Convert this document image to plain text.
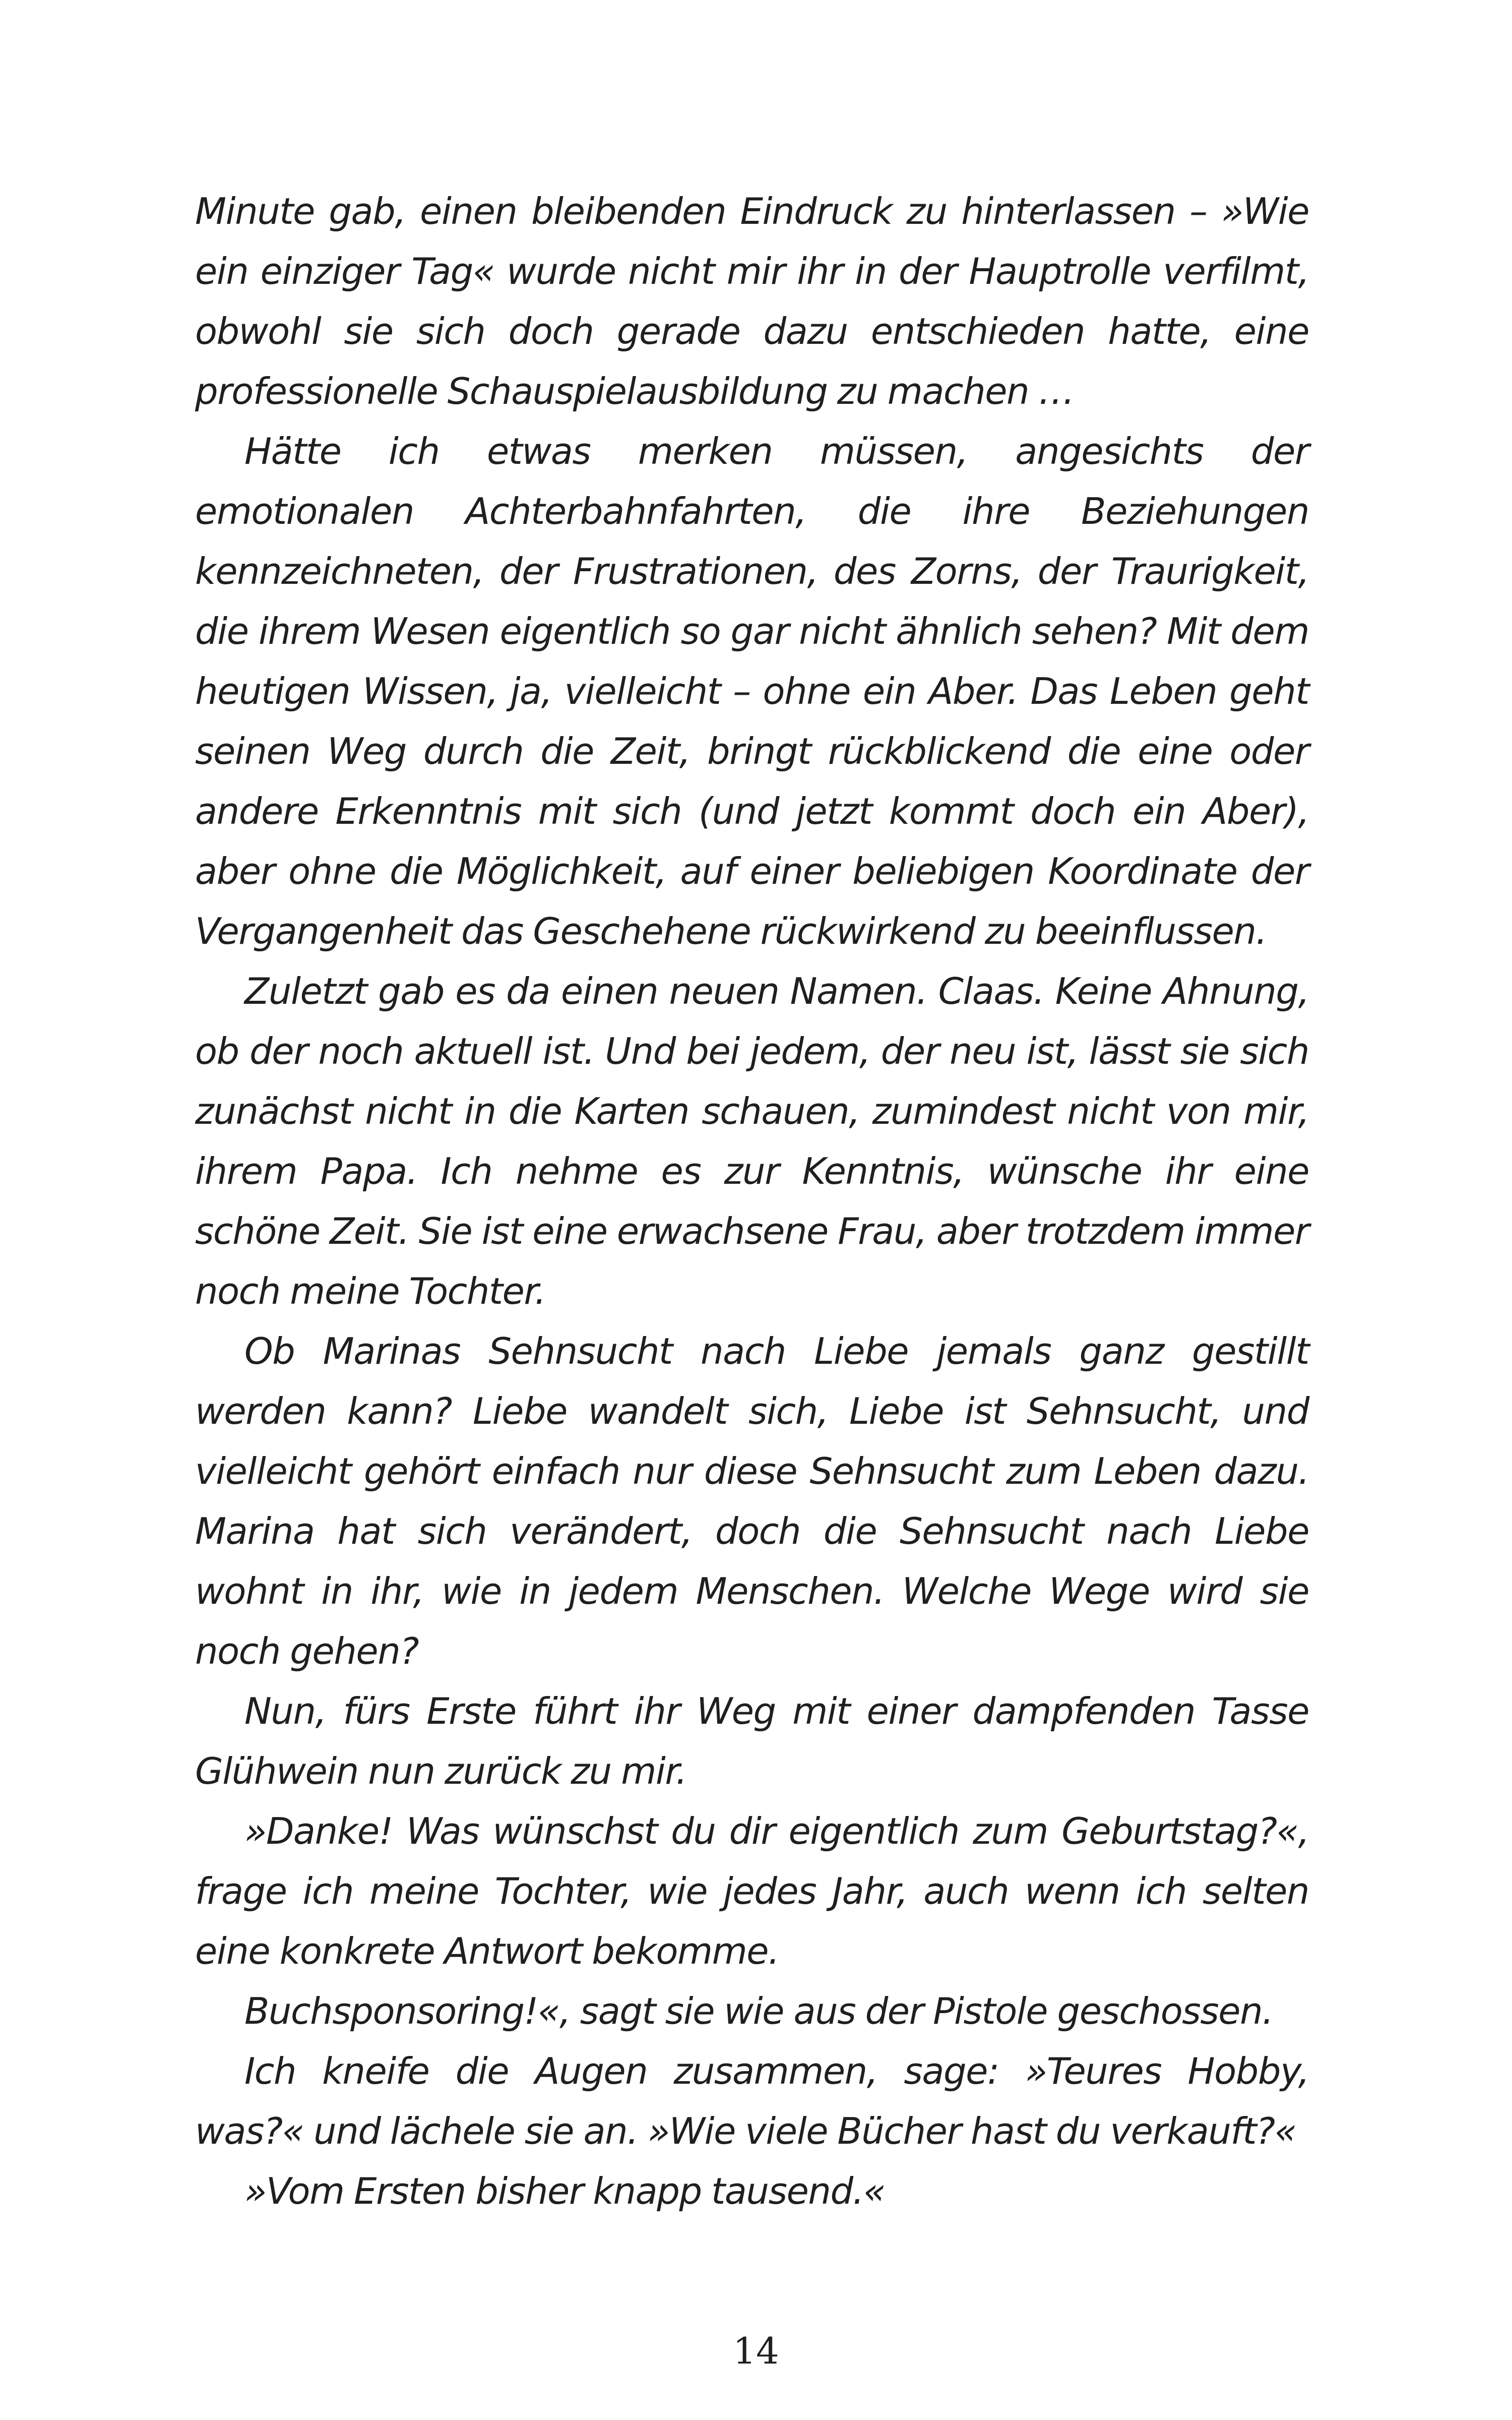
Minute gab, einen bleibenden Eindruck zu hinterlassen – »Wie ein einziger Tag« wurde nicht mir ihr in der Hauptrolle verfilmt, obwohl sie sich doch gerade dazu entschieden hatte, eine professionelle Schauspielausbildung zu machen …

Hätte ich etwas merken müssen, angesichts der emotionalen Achterbahnfahrten, die ihre Beziehungen kennzeichneten, der Frustrationen, des Zorns, der Traurigkeit, die ihrem Wesen eigentlich so gar nicht ähnlich sehen? Mit dem heutigen Wissen, ja, vielleicht – ohne ein Aber. Das Leben geht seinen Weg durch die Zeit, bringt rückblickend die eine oder andere Erkenntnis mit sich (und jetzt kommt doch ein Aber), aber ohne die Möglichkeit, auf einer beliebigen Koordinate der Vergangenheit das Geschehene rückwirkend zu beeinflussen.

Zuletzt gab es da einen neuen Namen. Claas. Keine Ahnung, ob der noch aktuell ist. Und bei jedem, der neu ist, lässt sie sich zunächst nicht in die Karten schauen, zumindest nicht von mir, ihrem Papa. Ich nehme es zur Kenntnis, wünsche ihr eine schöne Zeit. Sie ist eine erwachsene Frau, aber trotzdem immer noch meine Tochter.

Ob Marinas Sehnsucht nach Liebe jemals ganz gestillt werden kann? Liebe wandelt sich, Liebe ist Sehnsucht, und vielleicht gehört einfach nur diese Sehnsucht zum Leben dazu. Marina hat sich verändert, doch die Sehnsucht nach Liebe wohnt in ihr, wie in jedem Menschen. Welche Wege wird sie noch gehen?

Nun, fürs Erste führt ihr Weg mit einer dampfenden Tasse Glühwein nun zurück zu mir.

»Danke! Was wünschst du dir eigentlich zum Geburtstag?«, frage ich meine Tochter, wie jedes Jahr, auch wenn ich selten eine konkrete Antwort bekomme.

Buchsponsoring!«, sagt sie wie aus der Pistole geschossen.

Ich kneife die Augen zusammen, sage: »Teures Hobby, was?« und lächele sie an. »Wie viele Bücher hast du verkauft?«

»Vom Ersten bisher knapp tausend.«

14
